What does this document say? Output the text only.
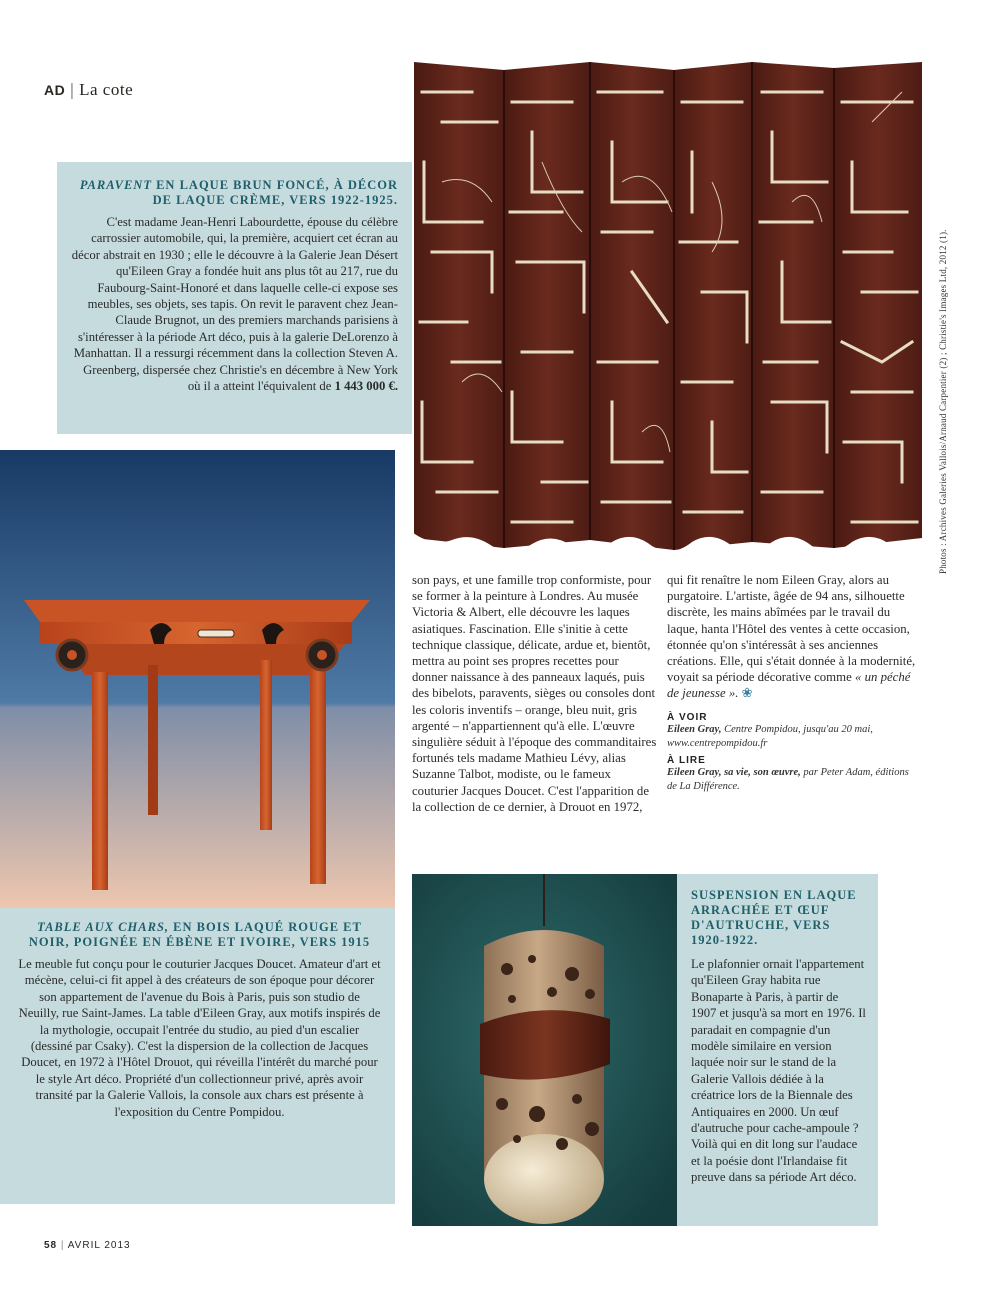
AD | La cote
Photos : Archives Galeries Vallois/Arnaud Carpentier (2) ; Christie's Images Ltd, 2012 (1).
PARAVENT EN LAQUE BRUN FONCÉ, À DÉCOR DE LAQUE CRÈME, VERS 1922-1925.
C'est madame Jean-Henri Labourdette, épouse du célèbre carrossier automobile, qui, la première, acquiert cet écran au décor abstrait en 1930 ; elle le découvre à la Galerie Jean Désert qu'Eileen Gray a fondée huit ans plus tôt au 217, rue du Faubourg-Saint-Honoré et dans laquelle celle-ci expose ses meubles, ses objets, ses tapis. On revit le paravent chez Jean-Claude Brugnot, un des premiers marchands parisiens à s'intéresser à la période Art déco, puis à la galerie DeLorenzo à Manhattan. Il a ressurgi récemment dans la collection Steven A. Greenberg, dispersée chez Christie's en décembre à New York où il a atteint l'équivalent de 1 443 000 €.
TABLE AUX CHARS, EN BOIS LAQUÉ ROUGE ET NOIR, POIGNÉE EN ÉBÈNE ET IVOIRE, VERS 1915
Le meuble fut conçu pour le couturier Jacques Doucet. Amateur d'art et mécène, celui-ci fit appel à des créateurs de son époque pour décorer son appartement de l'avenue du Bois à Paris, puis son studio de Neuilly, rue Saint-James. La table d'Eileen Gray, aux motifs inspirés de la mythologie, occupait l'entrée du studio, au pied d'un escalier (dessiné par Csaky). C'est la dispersion de la collection de Jacques Doucet, en 1972 à l'Hôtel Drouot, qui réveilla l'intérêt du marché pour le style Art déco. Propriété d'un collectionneur privé, après avoir transité par la Galerie Vallois, la console aux chars est présente à l'exposition du Centre Pompidou.
son pays, et une famille trop conformiste, pour se former à la peinture à Londres. Au musée Victoria & Albert, elle découvre les laques asiatiques. Fascination. Elle s'initie à cette technique classique, délicate, ardue et, bientôt, mettra au point ses propres recettes pour donner naissance à des panneaux laqués, puis des bibelots, paravents, sièges ou consoles dont les coloris inventifs – orange, bleu nuit, gris argenté – n'appartiennent qu'à elle. L'œuvre singulière séduit à l'époque des commanditaires fortunés tels madame Mathieu Lévy, alias Suzanne Talbot, modiste, ou le fameux couturier Jacques Doucet. C'est l'apparition de la collection de ce dernier, à Drouot en 1972,
qui fit renaître le nom Eileen Gray, alors au purgatoire. L'artiste, âgée de 94 ans, silhouette discrète, les mains abîmées par le travail du laque, hanta l'Hôtel des ventes à cette occasion, étonnée qu'on s'intéressât à ses anciennes créations. Elle, qui s'était donnée à la modernité, voyait sa période décorative comme « un péché de jeunesse ». ❀
À VOIR
Eileen Gray, Centre Pompidou, jusqu'au 20 mai, www.centrepompidou.fr
À LIRE
Eileen Gray, sa vie, son œuvre, par Peter Adam, éditions de La Différence.
SUSPENSION EN LAQUE ARRACHÉE ET ŒUF D'AUTRUCHE, VERS 1920-1922.
Le plafonnier ornait l'appartement qu'Eileen Gray habita rue Bonaparte à Paris, à partir de 1907 et jusqu'à sa mort en 1976. Il paradait en compagnie d'un modèle similaire en version laquée noir sur le stand de la Galerie Vallois dédiée à la créatrice lors de la Biennale des Antiquaires en 2000. Un œuf d'autruche pour cache-ampoule ? Voilà qui en dit long sur l'audace et la poésie dont l'Irlandaise fit preuve dans sa période Art déco.
58 | AVRIL 2013
